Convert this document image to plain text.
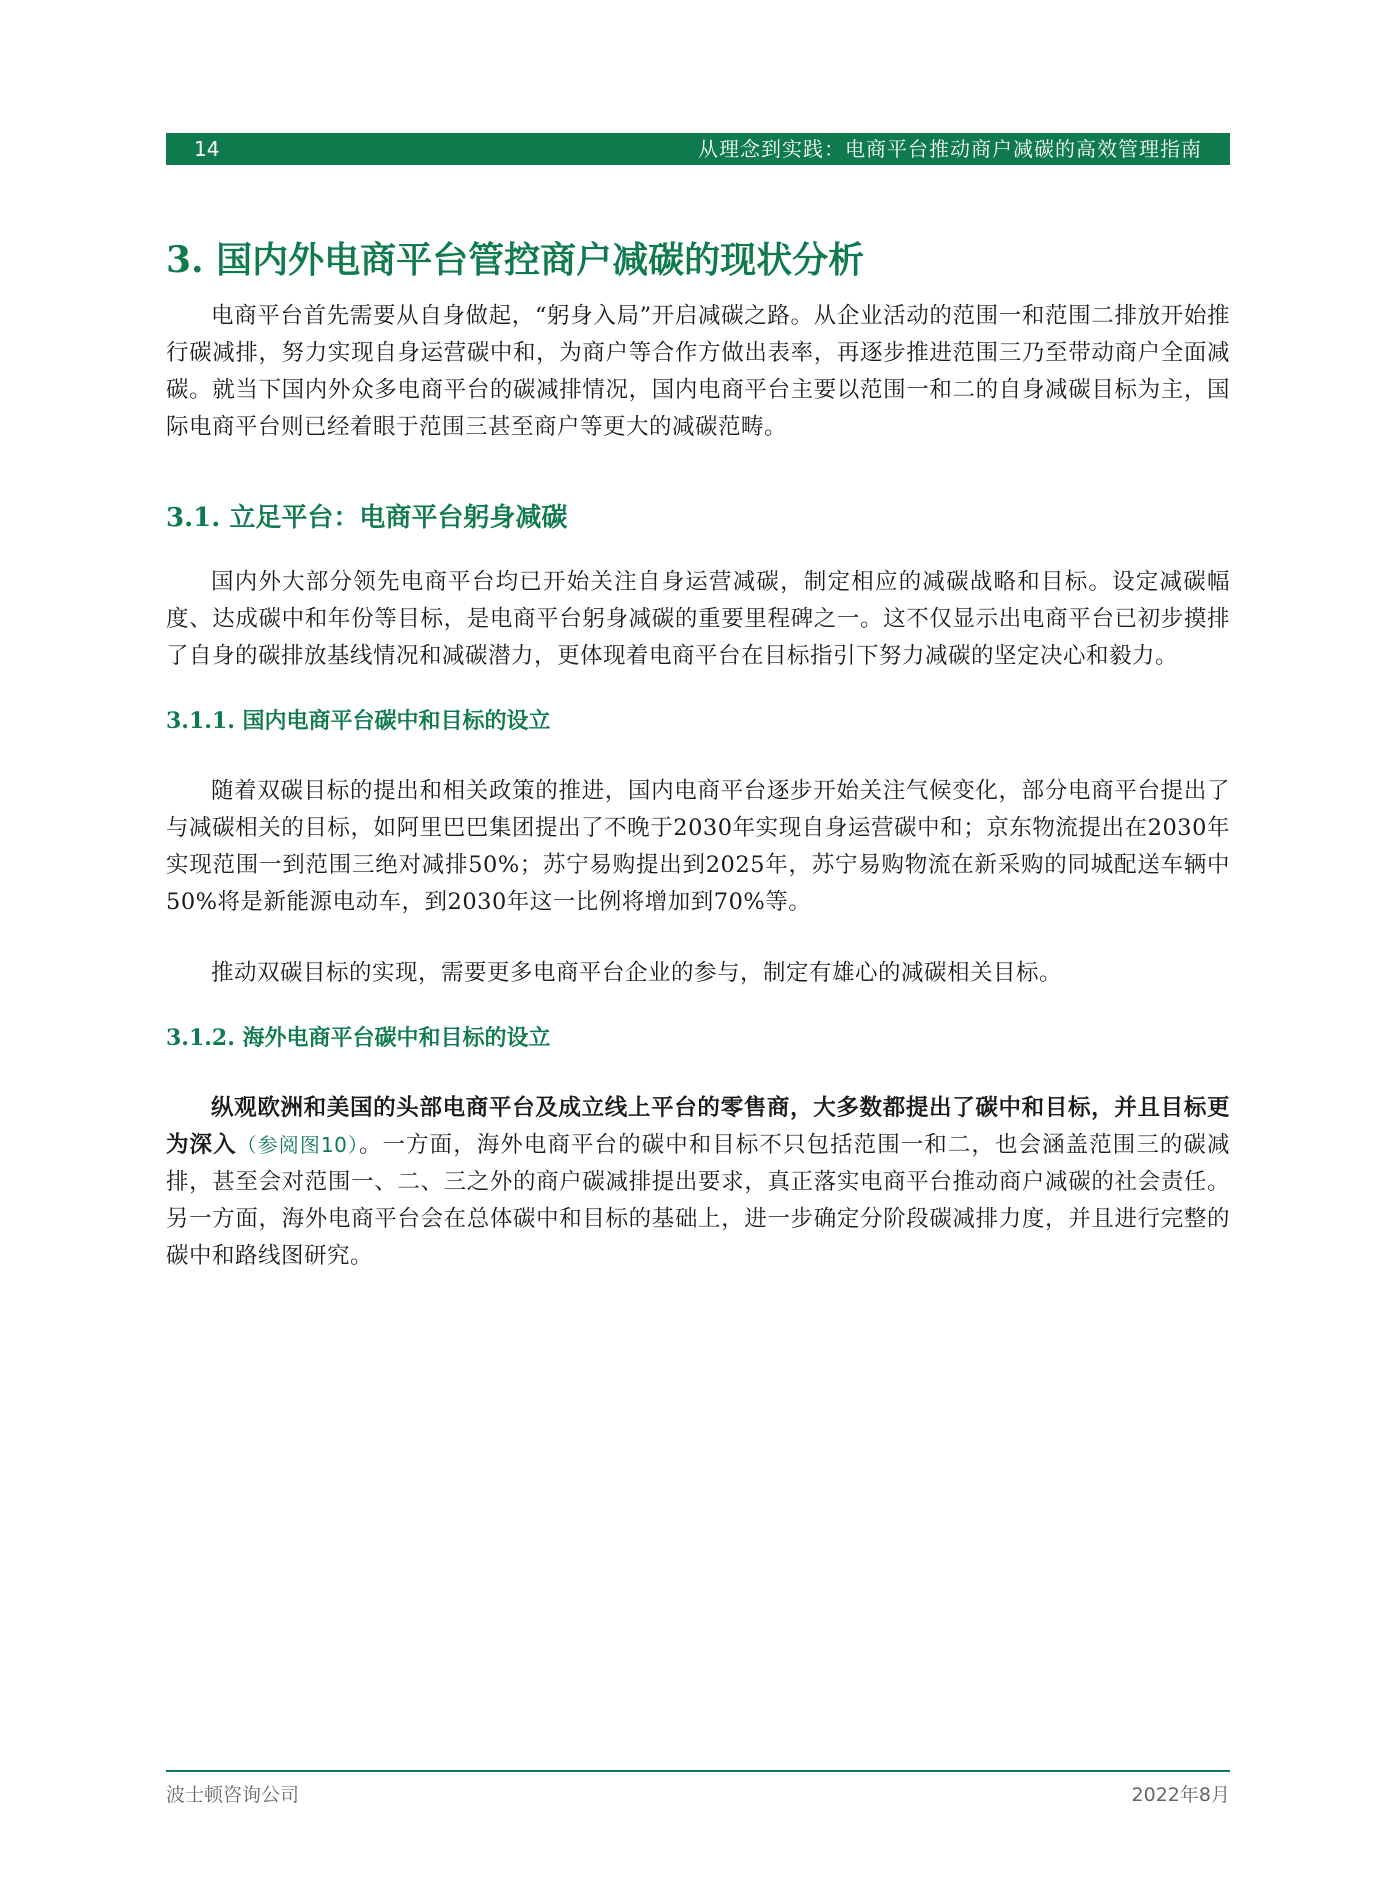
14	从理念到实践：电商平台推动商户减碳的高效管理指南
3. 国内外电商平台管控商户减碳的现状分析

电商平台首先需要从自身做起，“躬身入局”开启减碳之路。从企业活动的范围一和范围二排放开始推行碳减排，努力实现自身运营碳中和，为商户等合作方做出表率，再逐步推进范围三乃至带动商户全面减碳。就当下国内外众多电商平台的碳减排情况，国内电商平台主要以范围一和二的自身减碳目标为主，国际电商平台则已经着眼于范围三甚至商户等更大的减碳范畴。

3.1. 立足平台：电商平台躬身减碳

国内外大部分领先电商平台均已开始关注自身运营减碳，制定相应的减碳战略和目标。设定减碳幅度、达成碳中和年份等目标，是电商平台躬身减碳的重要里程碑之一。这不仅显示出电商平台已初步摸排了自身的碳排放基线情况和减碳潜力，更体现着电商平台在目标指引下努力减碳的坚定决心和毅力。

3.1.1. 国内电商平台碳中和目标的设立

随着双碳目标的提出和相关政策的推进，国内电商平台逐步开始关注气候变化，部分电商平台提出了与减碳相关的目标，如阿里巴巴集团提出了不晚于2030年实现自身运营碳中和；京东物流提出在2030年实现范围一到范围三绝对减排50%；苏宁易购提出到2025年，苏宁易购物流在新采购的同城配送车辆中50%将是新能源电动车，到2030年这一比例将增加到70%等。

推动双碳目标的实现，需要更多电商平台企业的参与，制定有雄心的减碳相关目标。

3.1.2. 海外电商平台碳中和目标的设立

纵观欧洲和美国的头部电商平台及成立线上平台的零售商，大多数都提出了碳中和目标，并且目标更为深入（参阅图10）。一方面，海外电商平台的碳中和目标不只包括范围一和二，也会涵盖范围三的碳减排，甚至会对范围一、二、三之外的商户碳减排提出要求，真正落实电商平台推动商户减碳的社会责任。另一方面，海外电商平台会在总体碳中和目标的基础上，进一步确定分阶段碳减排力度，并且进行完整的碳中和路线图研究。

波士顿咨询公司	2022年8月
